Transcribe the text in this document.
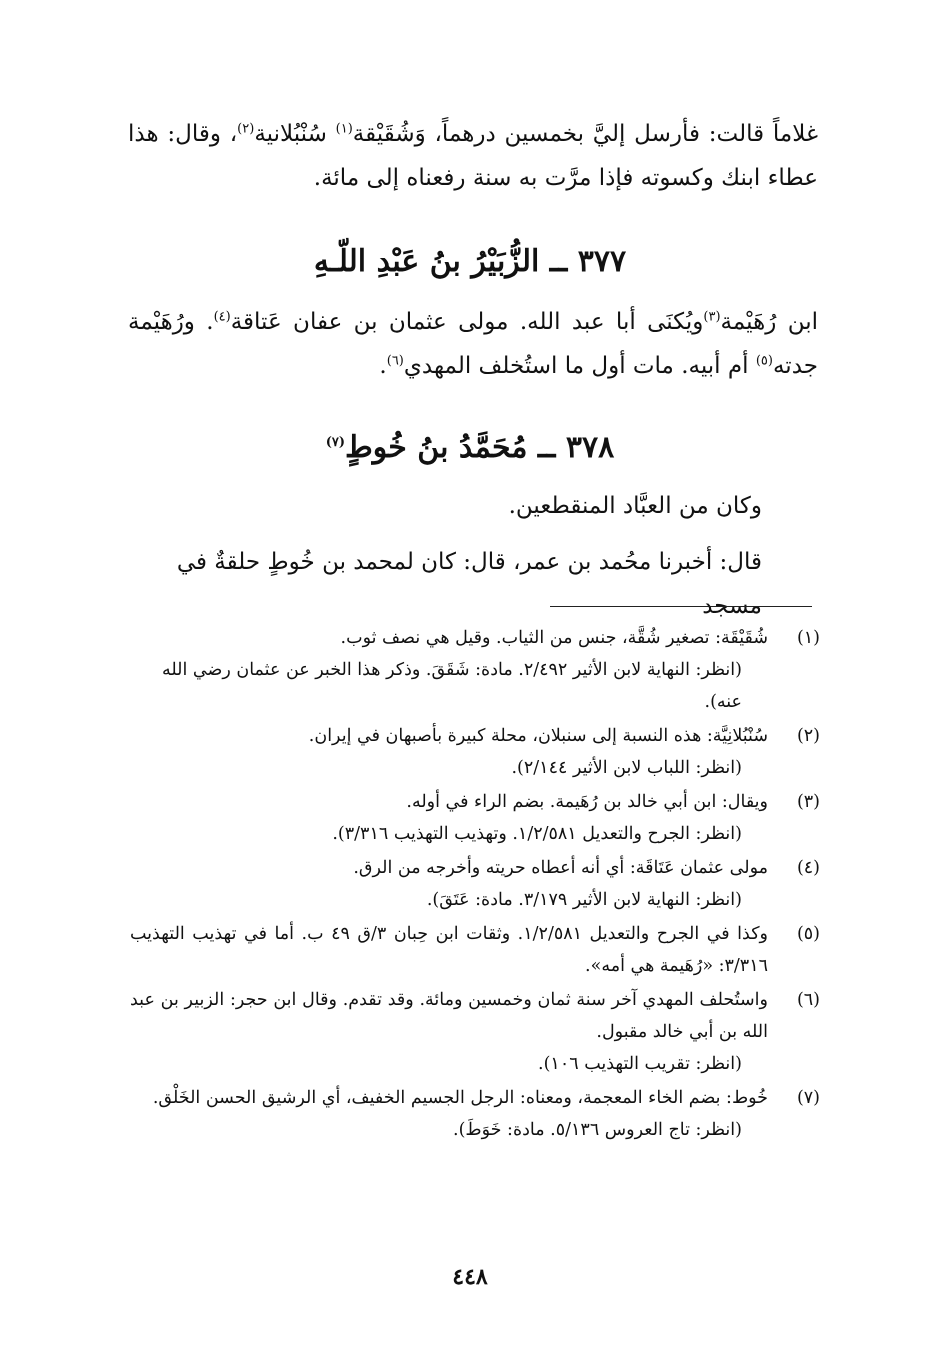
غلاماً قالت: فأرسل إليَّ بخمسين درهماً، وَشُقَيْقة$^{(١)}$ سُنْبُلانية$^{(٢)}$، وقال: هذا عطاء ابنك وكسوته فإذا مرَّت به سنة رفعناه إلى مائة.

٣٧٧ ــ الزُّبَيْرُ بنُ عَبْدِ اللّـهِ

ابن رُهَيْمة$^{(٣)}$ويُكنَى أبا عبد الله. مولى عثمان بن عفان عَتاقة$^{(٤)}$. ورُهَيْمة جدته$^{(٥)}$ أم أبيه. مات أول ما استُخلف المهدي$^{(٦)}$.

٣٧٨ ــ مُحَمَّدُ بنُ خُوطٍ$^{(٧)}$

وكان من العبَّاد المنقطعين.

قال: أخبرنا محُمد بن عمر، قال: كان لمحمد بن خُوطٍ حلقةٌ في مسجد

(١)
شُقَيْقَة: تصغير شُقَّة، جنس من الثياب. وقيل هي نصف ثوب.
(انظر: النهاية لابن الأثير ٢/٤٩٢. مادة: شَقَقَ. وذكر هذا الخبر عن عثمان رضي الله عنه).
(٢)
سُنْبُلانِيَّة: هذه النسبة إلى سنبلان، محلة كبيرة بأصبهان في إيران.
(انظر: اللباب لابن الأثير ٢/١٤٤).
(٣)
ويقال: ابن أبي خالد بن رُهَيمة. بضم الراء في أوله.
(انظر: الجرح والتعديل ١/٢/٥٨١. وتهذيب التهذيب ٣/٣١٦).
(٤)
مولى عثمان عَتَاقَة: أي أنه أعطاه حريته وأخرجه من الرق.
(انظر: النهاية لابن الأثير ٣/١٧٩. مادة: عَتَقَ).
(٥)
وكذا في الجرح والتعديل ١/٢/٥٨١. وثقات ابن حِبان ٣/ق ٤٩ ب. أما في تهذيب التهذيب ٣/٣١٦: «رُهَيمة هي أمه».
(٦)
واستُحلف المهدي آخر سنة ثمان وخمسين ومائة. وقد تقدم. وقال ابن حجر: الزبير بن عبد الله بن أبي خالد مقبول.
(انظر: تقريب التهذيب ١٠٦).
(٧)
خُوط: بضم الخاء المعجمة، ومعناه: الرجل الجسيم الخفيف، أي الرشيق الحسن الخَلْق.
(انظر: تاج العروس ٥/١٣٦. مادة: خَوَطَ).
٤٤٨
